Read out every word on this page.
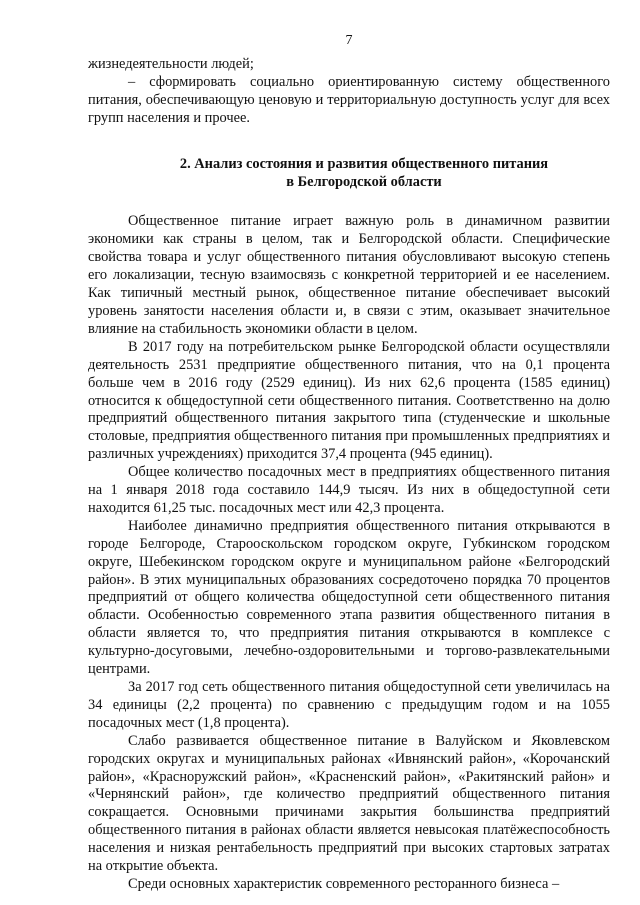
7

жизнедеятельности людей;

– сформировать социально ориентированную систему общественного питания, обеспечивающую ценовую и территориальную доступность услуг для всех групп населения и прочее.

2. Анализ состояния и развития общественного питания
в Белгородской области

Общественное питание играет важную роль в динамичном развитии экономики как страны в целом, так и Белгородской области. Специфические свойства товара и услуг общественного питания обусловливают высокую степень его локализации, тесную взаимосвязь с конкретной территорией и ее населением. Как типичный местный рынок, общественное питание обеспечивает высокий уровень занятости населения области и, в связи с этим, оказывает значительное влияние на стабильность экономики области в целом.

В 2017 году на потребительском рынке Белгородской области осуществляли деятельность 2531 предприятие общественного питания, что на 0,1 процента больше чем в 2016 году (2529 единиц). Из них 62,6 процента (1585 единиц) относится к общедоступной сети общественного питания. Соответственно на долю предприятий общественного питания закрытого типа (студенческие и школьные столовые, предприятия общественного питания при промышленных предприятиях и различных учреждениях) приходится 37,4 процента (945 единиц).

Общее количество посадочных мест в предприятиях общественного питания на 1 января 2018 года составило 144,9 тысяч. Из них в общедоступной сети находится 61,25 тыс. посадочных мест или 42,3 процента.

Наиболее динамично предприятия общественного питания открываются в городе Белгороде, Старооскольском городском округе, Губкинском городском округе, Шебекинском городском округе и муниципальном районе «Белгородский район». В этих муниципальных образованиях сосредоточено порядка 70 процентов предприятий от общего количества общедоступной сети общественного питания области. Особенностью современного этапа развития общественного питания в области является то, что предприятия питания открываются в комплексе с культурно-досуговыми, лечебно-оздоровительными и торгово-развлекательными центрами.

За 2017 год сеть общественного питания общедоступной сети увеличилась на 34 единицы (2,2 процента) по сравнению с предыдущим годом и на 1055 посадочных мест (1,8 процента).

Слабо развивается общественное питание в Валуйском и Яковлевском городских округах и муниципальных районах «Ивнянский район», «Корочанский район», «Красноружский район», «Красненский район», «Ракитянский район» и «Чернянский район», где количество предприятий общественного питания сокращается. Основными причинами закрытия большинства предприятий общественного питания в районах области является невысокая платёжеспособность населения и низкая рентабельность предприятий при высоких стартовых затратах на открытие объекта.

Среди основных характеристик современного ресторанного бизнеса –
